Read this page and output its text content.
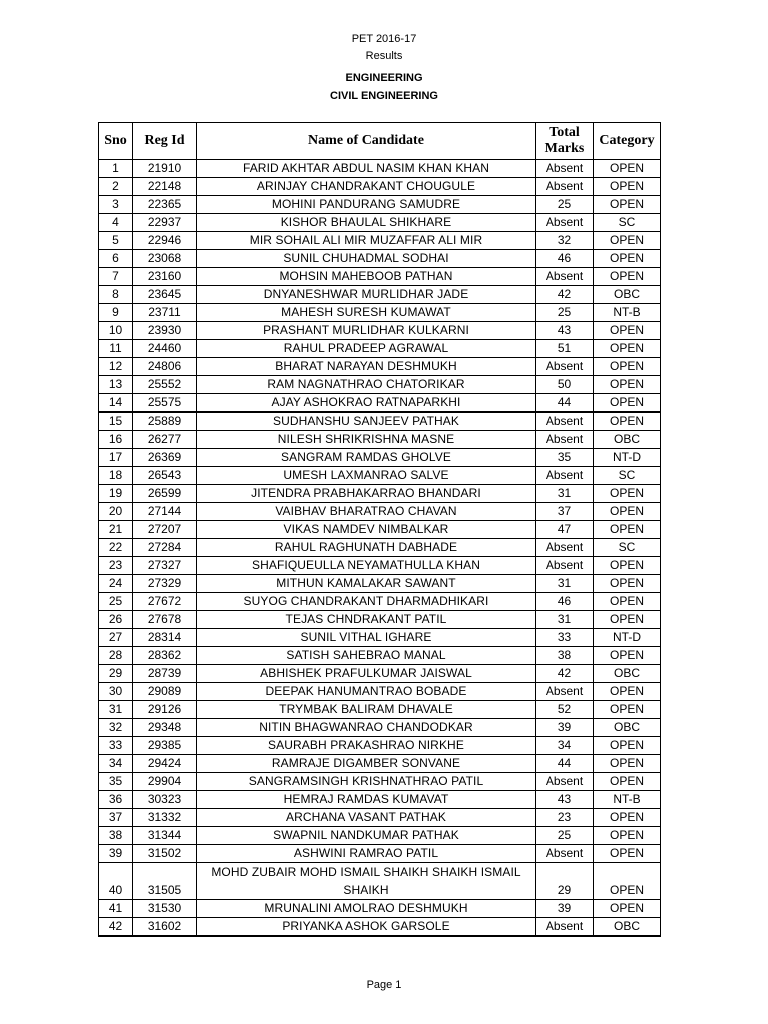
PET 2016-17
Results
ENGINEERING
CIVIL ENGINEERING
Sno	Reg Id	Name of Candidate	Total Marks	Category
1	21910	FARID AKHTAR ABDUL NASIM KHAN KHAN	Absent	OPEN
2	22148	ARINJAY CHANDRAKANT CHOUGULE	Absent	OPEN
3	22365	MOHINI PANDURANG SAMUDRE	25	OPEN
4	22937	KISHOR BHAULAL SHIKHARE	Absent	SC
5	22946	MIR SOHAIL ALI MIR MUZAFFAR ALI MIR	32	OPEN
6	23068	SUNIL CHUHADMAL SODHAI	46	OPEN
7	23160	MOHSIN MAHEBOOB PATHAN	Absent	OPEN
8	23645	DNYANESHWAR MURLIDHAR JADE	42	OBC
9	23711	MAHESH SURESH KUMAWAT	25	NT-B
10	23930	PRASHANT MURLIDHAR KULKARNI	43	OPEN
11	24460	RAHUL PRADEEP AGRAWAL	51	OPEN
12	24806	BHARAT NARAYAN DESHMUKH	Absent	OPEN
13	25552	RAM NAGNATHRAO CHATORIKAR	50	OPEN
14	25575	AJAY ASHOKRAO RATNAPARKHI	44	OPEN
15	25889	SUDHANSHU SANJEEV PATHAK	Absent	OPEN
16	26277	NILESH SHRIKRISHNA MASNE	Absent	OBC
17	26369	SANGRAM RAMDAS GHOLVE	35	NT-D
18	26543	UMESH LAXMANRAO SALVE	Absent	SC
19	26599	JITENDRA PRABHAKARRAO BHANDARI	31	OPEN
20	27144	VAIBHAV BHARATRAO CHAVAN	37	OPEN
21	27207	VIKAS NAMDEV NIMBALKAR	47	OPEN
22	27284	RAHUL RAGHUNATH DABHADE	Absent	SC
23	27327	SHAFIQUEULLA NEYAMATHULLA KHAN	Absent	OPEN
24	27329	MITHUN KAMALAKAR SAWANT	31	OPEN
25	27672	SUYOG CHANDRAKANT DHARMADHIKARI	46	OPEN
26	27678	TEJAS CHNDRAKANT PATIL	31	OPEN
27	28314	SUNIL VITHAL IGHARE	33	NT-D
28	28362	SATISH SAHEBRAO MANAL	38	OPEN
29	28739	ABHISHEK PRAFULKUMAR JAISWAL	42	OBC
30	29089	DEEPAK HANUMANTRAO BOBADE	Absent	OPEN
31	29126	TRYMBAK BALIRAM DHAVALE	52	OPEN
32	29348	NITIN BHAGWANRAO CHANDODKAR	39	OBC
33	29385	SAURABH PRAKASHRAO NIRKHE	34	OPEN
34	29424	RAMRAJE DIGAMBER SONVANE	44	OPEN
35	29904	SANGRAMSINGH KRISHNATHRAO PATIL	Absent	OPEN
36	30323	HEMRAJ RAMDAS KUMAVAT	43	NT-B
37	31332	ARCHANA VASANT PATHAK	23	OPEN
38	31344	SWAPNIL NANDKUMAR PATHAK	25	OPEN
39	31502	ASHWINI RAMRAO PATIL	Absent	OPEN
40	31505	MOHD ZUBAIR MOHD ISMAIL SHAIKH SHAIKH ISMAIL SHAIKH	29	OPEN
41	31530	MRUNALINI AMOLRAO DESHMUKH	39	OPEN
42	31602	PRIYANKA ASHOK GARSOLE	Absent	OBC
Page 1
